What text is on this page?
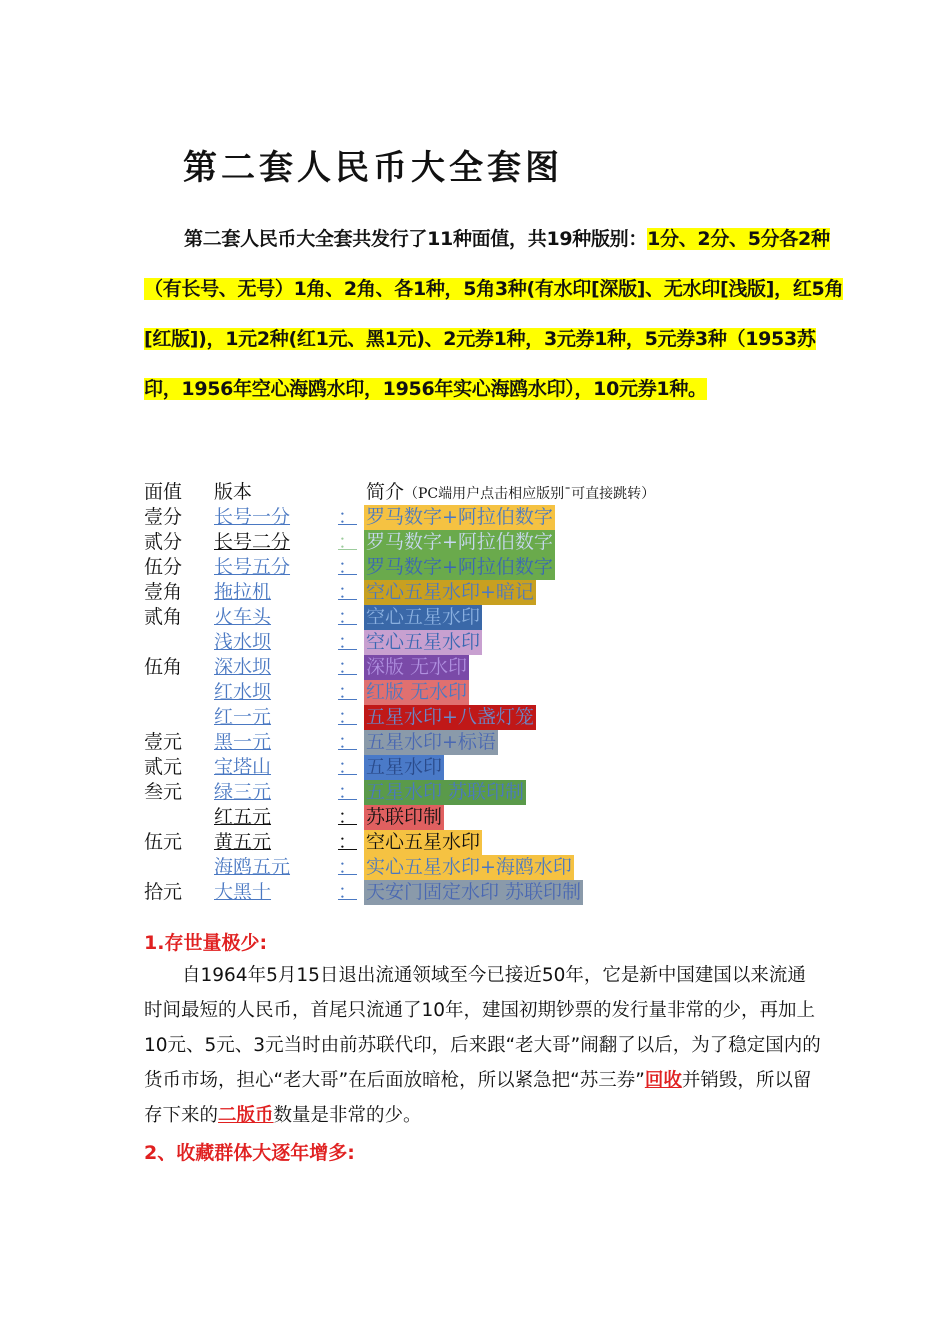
第二套人民币大全套图
第二套人民币大全套共发行了11种面值，共19种版别：1分、2分、5分各2种（有长号、无号）1角、2角、各1种，5角3种(有水印[深版]、无水印[浅版]，红5角[红版])，1元2种(红1元、黑1元)、2元券1种，3元券1种，5元券3种（1953苏印，1956年空心海鸥水印，1956年实心海鸥水印），10元券1种。
面值 版本	简介（PC端用户点击相应版别¯可直接跳转）
壹分 长号一分	： 罗马数字+阿拉伯数字
贰分 长号二分	： 罗马数字+阿拉伯数字
伍分 长号五分	： 罗马数字+阿拉伯数字
壹角 拖拉机	： 空心五星水印+暗记
贰角 火车头	： 空心五星水印
浅水坝	： 空心五星水印
伍角 深水坝	： 深版 无水印
红水坝	： 红版 无水印
红一元	： 五星水印+八盏灯笼
壹元 黑一元	： 五星水印+标语
贰元 宝塔山	： 五星水印
叁元 绿三元	： 五星水印 苏联印制
红五元	： 苏联印制
伍元 黄五元	： 空心五星水印
海鸥五元	： 实心五星水印+海鸥水印
拾元 大黑十	： 天安门固定水印 苏联印制
1.存世量极少:
自1964年5月15日退出流通领域至今已接近50年，它是新中国建国以来流通时间最短的人民币，首尾只流通了10年，建国初期钞票的发行量非常的少，再加上10元、5元、3元当时由前苏联代印，后来跟“老大哥”闹翻了以后，为了稳定国内的货币市场，担心“老大哥”在后面放暗枪，所以紧急把“苏三券”回收并销毁，所以留存下来的二版币数量是非常的少。
2、收藏群体大逐年增多:
